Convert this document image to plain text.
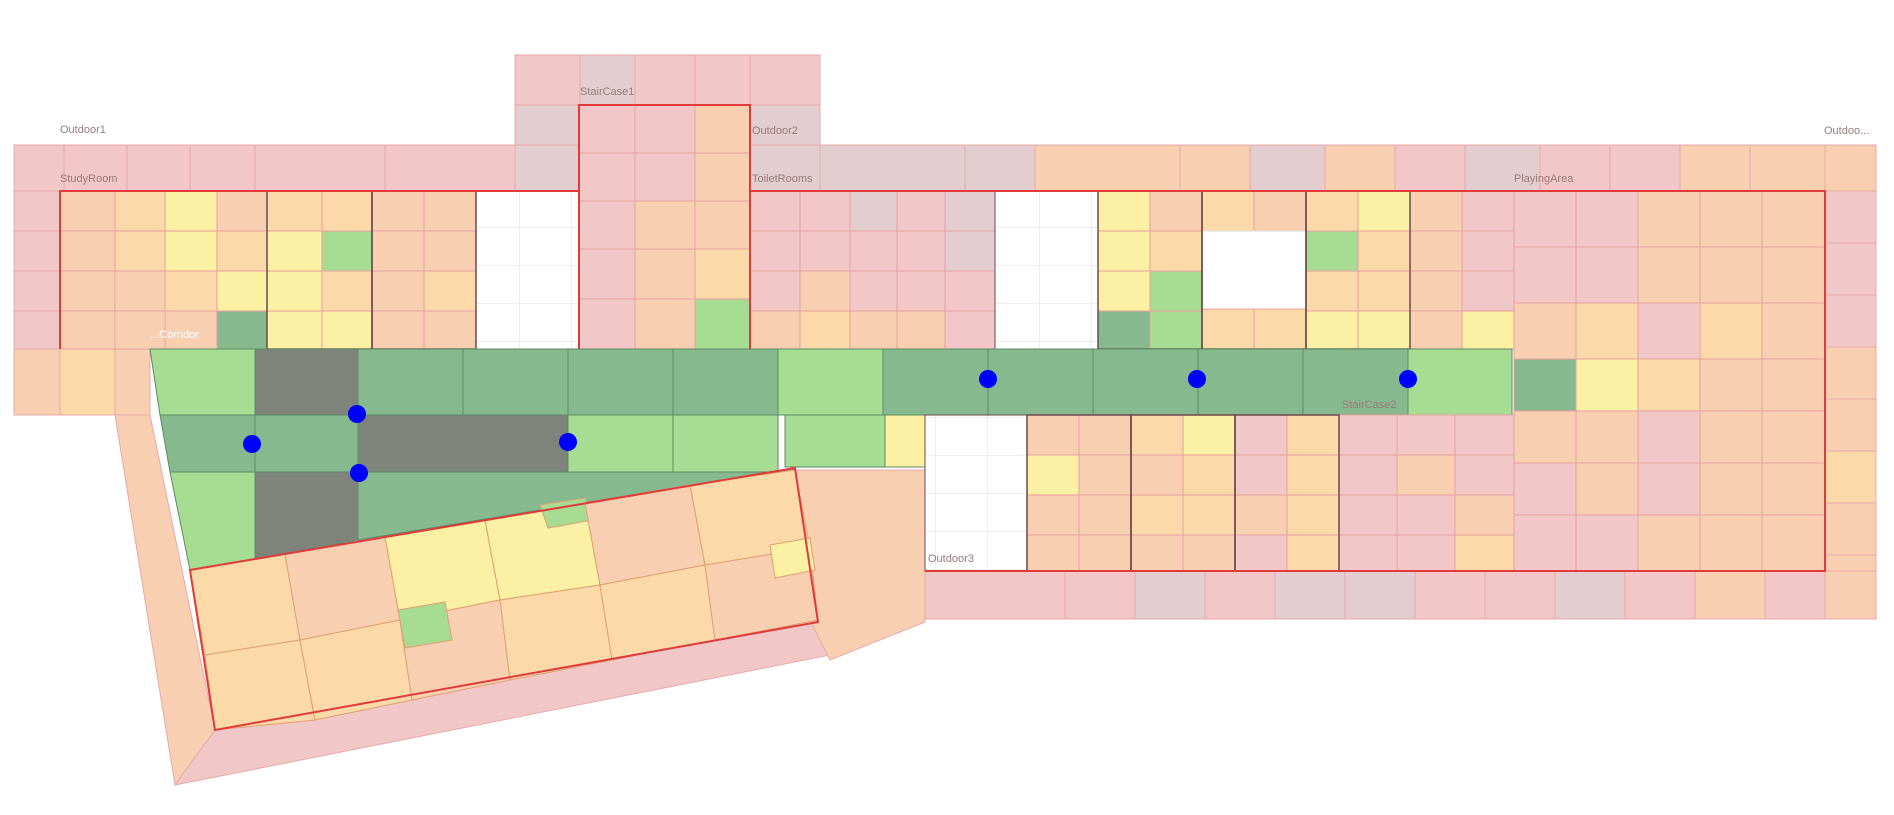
Outdoor1
StairCase1
Outdoor2	Outdoo...
StudyRoom	ToiletRooms	PlayingArea
...Corridor
StairCase2
Outdoor3
